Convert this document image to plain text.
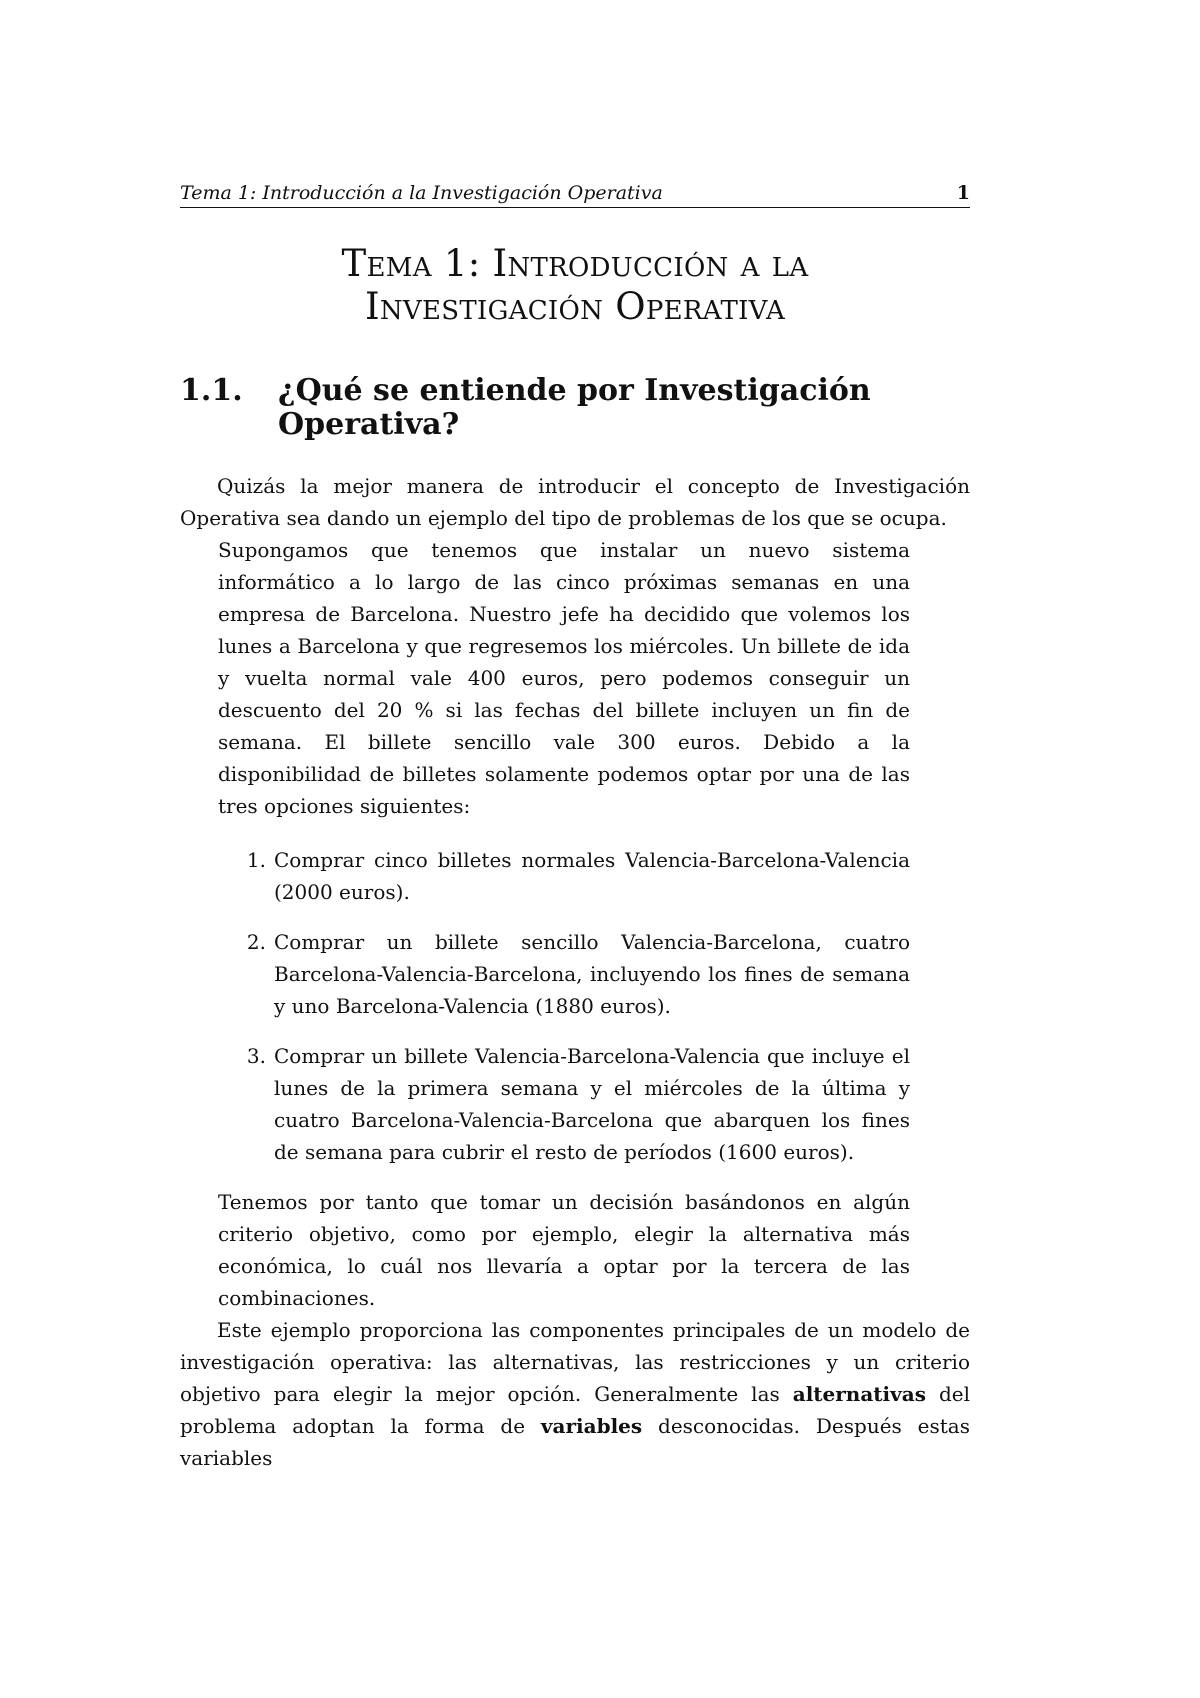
Tema 1: Introducción a la Investigación Operativa	1
Tema 1: Introducción a la
Investigación Operativa
1.1.	¿Qué se entiende por Investigación Operativa?

Quizás la mejor manera de introducir el concepto de Investigación Operativa sea dando un ejemplo del tipo de problemas de los que se ocupa.

Supongamos que tenemos que instalar un nuevo sistema informático a lo largo de las cinco próximas semanas en una empresa de Barcelona. Nuestro jefe ha decidido que volemos los lunes a Barcelona y que regresemos los miércoles. Un billete de ida y vuelta normal vale 400 euros, pero podemos conseguir un descuento del 20 % si las fechas del billete incluyen un fin de semana. El billete sencillo vale 300 euros. Debido a la disponibilidad de billetes solamente podemos optar por una de las tres opciones siguientes:

1. Comprar cinco billetes normales Valencia-Barcelona-Valencia (2000 euros).
2. Comprar un billete sencillo Valencia-Barcelona, cuatro Barcelona-Valencia-Barcelona, incluyendo los fines de semana y uno Barcelona-Valencia (1880 euros).
3. Comprar un billete Valencia-Barcelona-Valencia que incluye el lunes de la primera semana y el miércoles de la última y cuatro Barcelona-Valencia-Barcelona que abarquen los fines de semana para cubrir el resto de períodos (1600 euros).

Tenemos por tanto que tomar un decisión basándonos en algún criterio objetivo, como por ejemplo, elegir la alternativa más económica, lo cuál nos llevaría a optar por la tercera de las combinaciones.

Este ejemplo proporciona las componentes principales de un modelo de investigación operativa: las alternativas, las restricciones y un criterio objetivo para elegir la mejor opción. Generalmente las alternativas del problema adoptan la forma de variables desconocidas. Después estas variables
